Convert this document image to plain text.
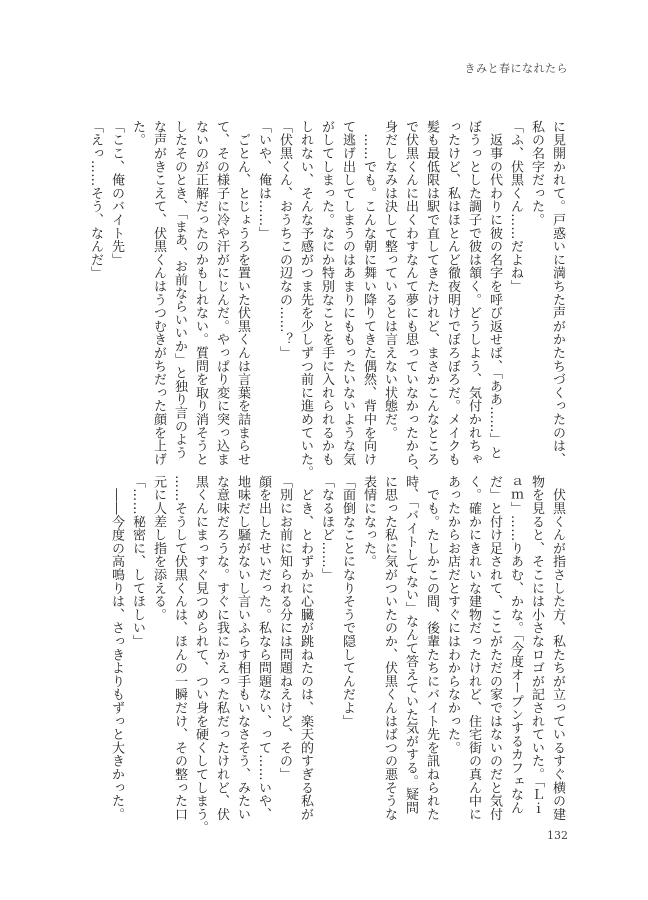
きみと春になれたら

に見開かれて。戸惑いに満ちた声がかたちづくったのは、

私の名字だった。

「ふ、伏黒くん……だよね」

　返事の代わりに彼の名字を呼び返せば、「ああ……」と

ぼうっとした調子で彼は頷く。どうしよう、気付かれちゃ

ったけど、私はほとんど徹夜明けでぼろぼろだ。メイクも

髪も最低限は駅で直してきたけれど、まさかこんなところ

で伏黒くんに出くわすなんて夢にも思っていなかったから、

身だしなみは決して整っているとは言えない状態だ。

　……でも。こんな朝に舞い降りてきた偶然、背中を向け

て逃げ出してしまうのはあまりにももったいないような気

がしてしまった。なにか特別なことを手に入れられるかも

しれない、そんな予感がつま先を少しずつ前に進めていた。

「伏黒くん、おうちこの辺なの……？」

「いや、俺は……」

　ごとん、とじょうろを置いた伏黒くんは言葉を詰まらせ

て、その様子に冷や汗がにじんだ。やっぱり変に突っ込ま

ないのが正解だったのかもしれない。質問を取り消そうと

したそのとき、「まあ、お前ならいいか」と独り言のよう

な声がきこえて、伏黒くんはうつむきがちだった顔を上げ

た。

「ここ、俺のバイト先」

「えっ……そう、なんだ」

　伏黒くんが指さした方、私たちが立っているすぐ横の建

物を見ると、そこには小さなロゴが記されていた。「Ｌｉ

ａｍ」……りあむ、かな。「今度オープンするカフェなん

だ」と付け足されて、ここがただの家ではないのだと気付

く。確かにきれいな建物だったけれど、住宅街の真ん中に

あったからお店だとすぐにはわからなかった。

　でも。たしかこの間、後輩たちにバイト先を訊ねられた

時、「バイトしてない」なんて答えていた気がする。疑問

に思った私に気がついたのか、伏黒くんはばつの悪そうな

表情になった。

「面倒なことになりそうで隠してんだよ」

「なるほど……」

　どき、とわずかに心臓が跳ねたのは、楽天的すぎる私が

「別にお前に知られる分には問題ねえけど、その」

顔を出したせいだった。私なら問題ない、って……いや、

地味だし騒がないし言いふらす相手もいなさそう、みたい

な意味だろうな。すぐに我にかえった私だったけれど、伏

黒くんにまっすぐ見つめられて、つい身を硬くしてしまう。

……そうして伏黒くんは、ほんの一瞬だけ、その整った口

元に人差し指を添える。

「……秘密に、してほしい」

　――今度の高鳴りは、さっきよりもずっと大きかった。

132
